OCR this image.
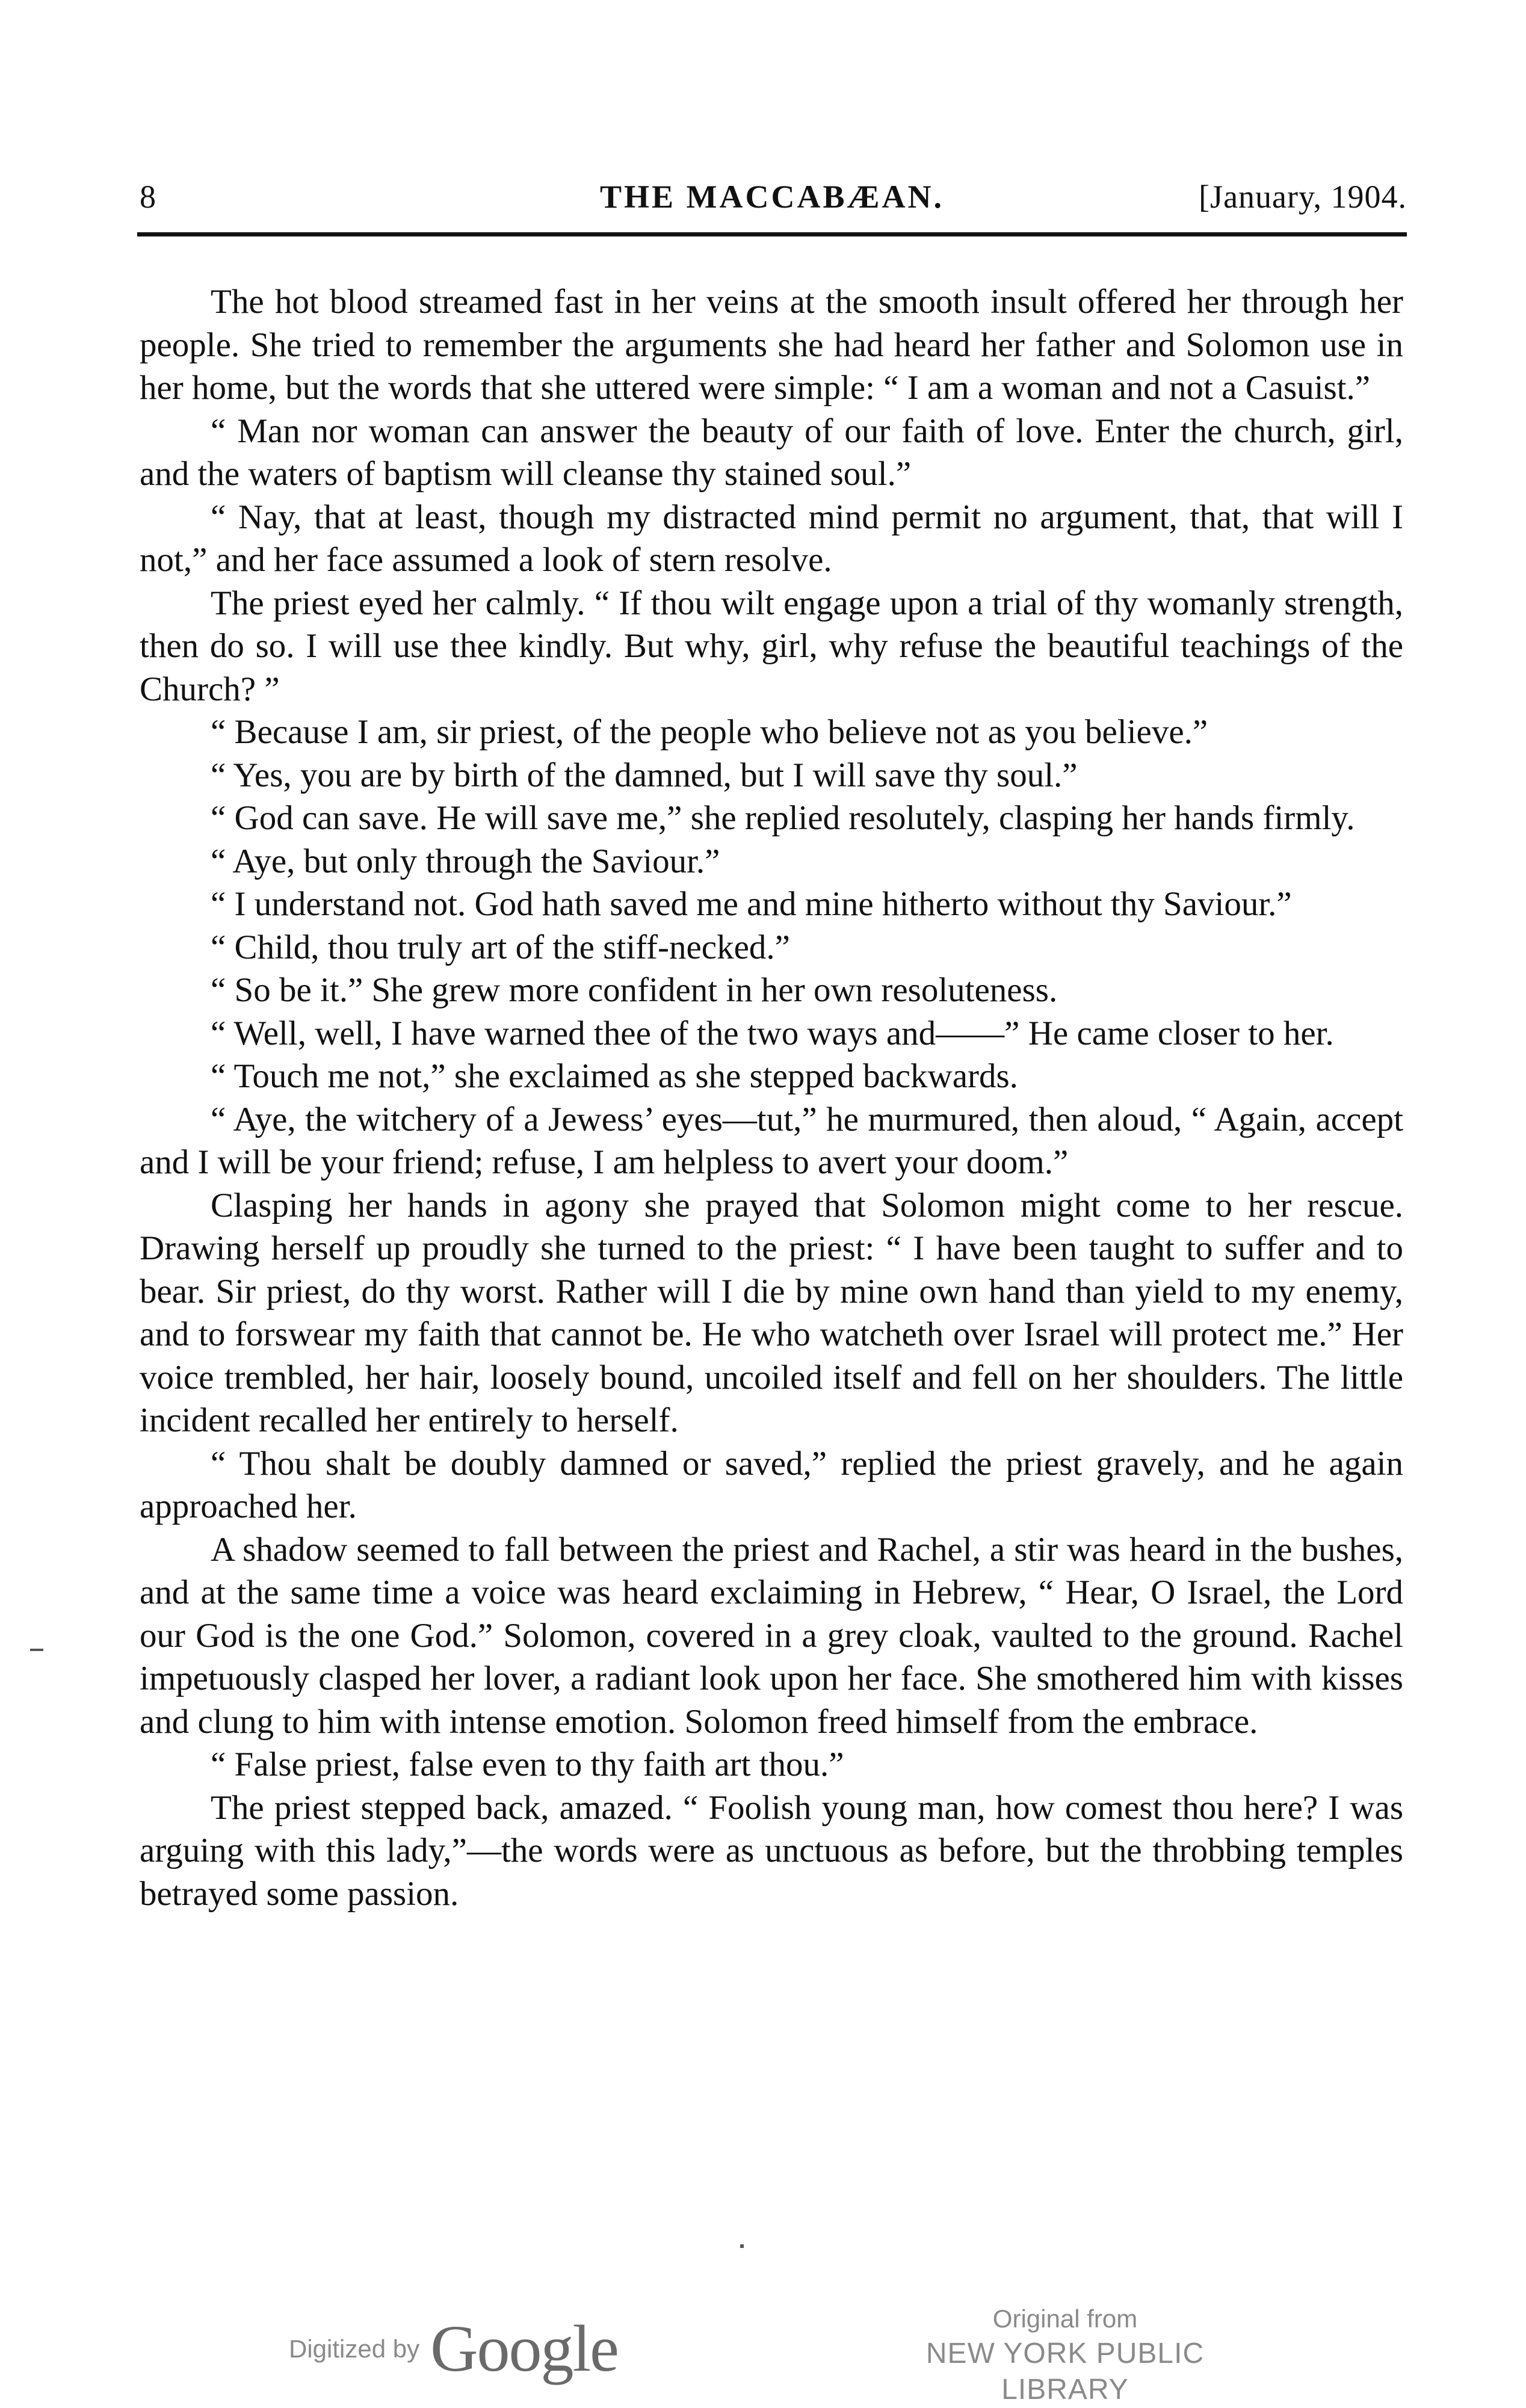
8	THE MACCABÆAN.	[January, 1904.

The hot blood streamed fast in her veins at the smooth insult offered her through her people. She tried to remember the arguments she had heard her father and Solomon use in her home, but the words that she uttered were simple: “ I am a woman and not a Casuist.”

“ Man nor woman can answer the beauty of our faith of love. Enter the church, girl, and the waters of baptism will cleanse thy stained soul.”

“ Nay, that at least, though my distracted mind permit no argument, that, that will I not,” and her face assumed a look of stern resolve.

The priest eyed her calmly. “ If thou wilt engage upon a trial of thy womanly strength, then do so. I will use thee kindly. But why, girl, why refuse the beautiful teachings of the Church? ”

“ Because I am, sir priest, of the people who believe not as you believe.”

“ Yes, you are by birth of the damned, but I will save thy soul.”

“ God can save. He will save me,” she replied resolutely, clasping her hands firmly.

“ Aye, but only through the Saviour.”

“ I understand not. God hath saved me and mine hitherto without thy Saviour.”

“ Child, thou truly art of the stiff-necked.”

“ So be it.” She grew more confident in her own resoluteness.

“ Well, well, I have warned thee of the two ways and——” He came closer to her.

“ Touch me not,” she exclaimed as she stepped backwards.

“ Aye, the witchery of a Jewess’ eyes—tut,” he murmured, then aloud, “ Again, accept and I will be your friend; refuse, I am helpless to avert your doom.”

Clasping her hands in agony she prayed that Solomon might come to her rescue. Drawing herself up proudly she turned to the priest: “ I have been taught to suffer and to bear. Sir priest, do thy worst. Rather will I die by mine own hand than yield to my enemy, and to forswear my faith that cannot be. He who watcheth over Israel will protect me.” Her voice trembled, her hair, loosely bound, uncoiled itself and fell on her shoulders. The little incident recalled her entirely to herself.

“ Thou shalt be doubly damned or saved,” replied the priest gravely, and he again approached her.

A shadow seemed to fall between the priest and Rachel, a stir was heard in the bushes, and at the same time a voice was heard exclaiming in Hebrew, “ Hear, O Israel, the Lord our God is the one God.” Solomon, covered in a grey cloak, vaulted to the ground. Rachel impetuously clasped her lover, a radiant look upon her face. She smothered him with kisses and clung to him with intense emotion. Solomon freed himself from the embrace.

“ False priest, false even to thy faith art thou.”

The priest stepped back, amazed. “ Foolish young man, how comest thou here? I was arguing with this lady,”—the words were as unctuous as before, but the throbbing temples betrayed some passion.

Digitized by Google	Original from
NEW YORK PUBLIC LIBRARY
